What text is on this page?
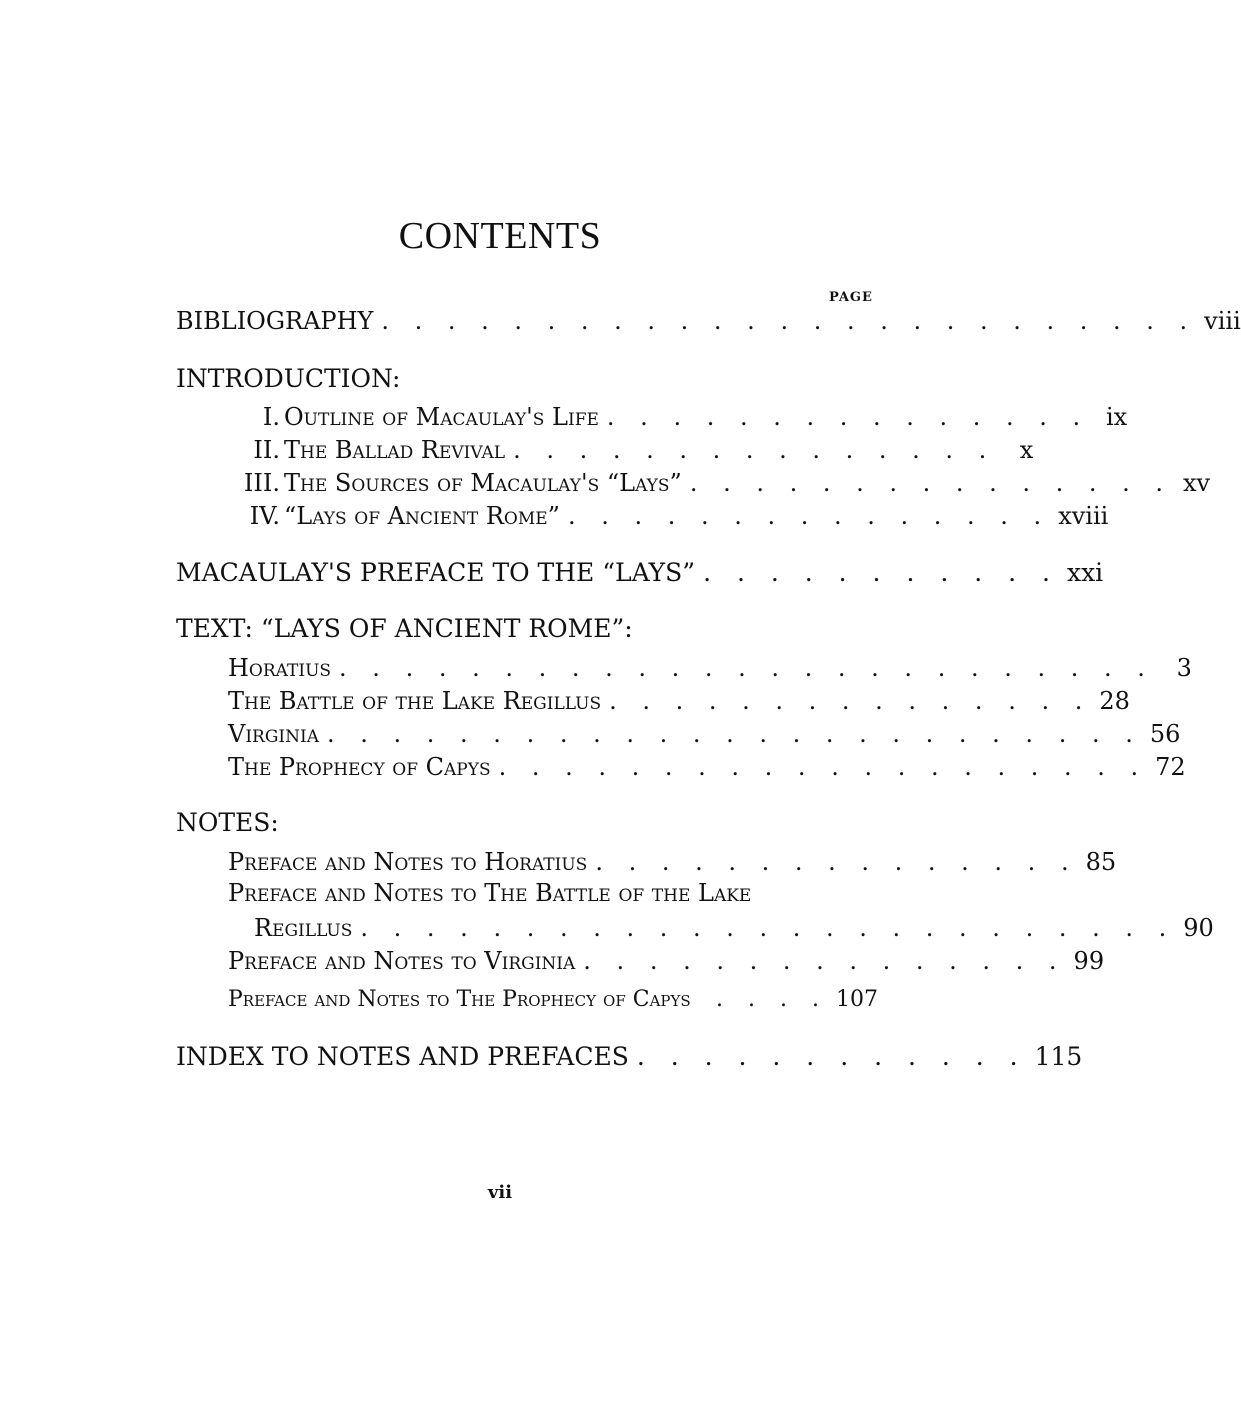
CONTENTS
PAGE
BIBLIOGRAPHY . . . . . . . . . . . . . . . . . . . . . . . . . viii
INTRODUCTION:
I. Outline of Macaulay's Life . . . . . . . . . . . . . . . ix
II. The Ballad Revival . . . . . . . . . . . . . . .	x
III. The Sources of Macaulay's “Lays” . . . . . . . . . . . . . . . xv
IV. “Lays of Ancient Rome” . . . . . . . . . . . . . . . xviii
MACAULAY'S PREFACE TO THE “LAYS” . . . . . . . . . . . xxi
TEXT: “LAYS OF ANCIENT ROME”:
Horatius . . . . . . . . . . . . . . . . . . . . . . . . . 3
The Battle of the Lake Regillus . . . . . . . . . . . . . . . 28
Virginia . . . . . . . . . . . . . . . . . . . . . . . . . 56
The Prophecy of Capys . . . . . . . . . . . . . . . . . . . . 72
NOTES:
Preface and Notes to Horatius . . . . . . . . . . . . . . . 85
Preface and Notes to The Battle of the Lake
Regillus . . . . . . . . . . . . . . . . . . . . . . . . . 90
Preface and Notes to Virginia . . . . . . . . . . . . . . . 99
Preface and Notes to The Prophecy of Capys	. . . . 107
INDEX TO NOTES AND PREFACES . . . . . . . . . . . . 115
vii
